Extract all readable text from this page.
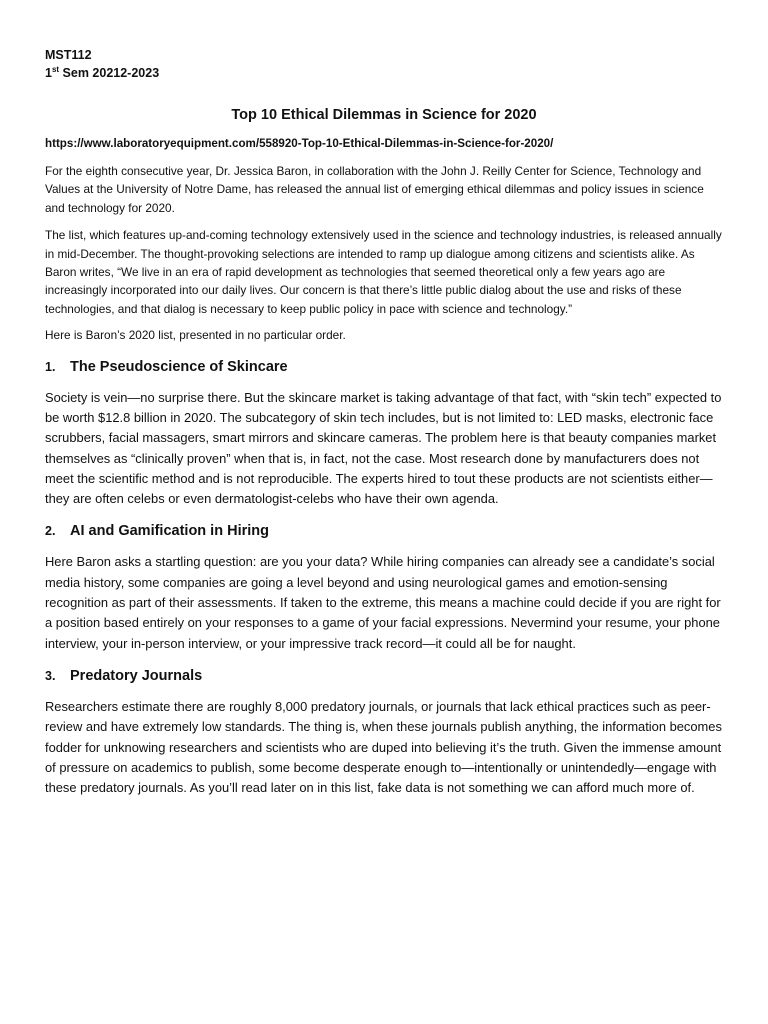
MST112
1st Sem 20212-2023
Top 10 Ethical Dilemmas in Science for 2020
https://www.laboratoryequipment.com/558920-Top-10-Ethical-Dilemmas-in-Science-for-2020/
For the eighth consecutive year, Dr. Jessica Baron, in collaboration with the John J. Reilly Center for Science, Technology and Values at the University of Notre Dame, has released the annual list of emerging ethical dilemmas and policy issues in science and technology for 2020.
The list, which features up-and-coming technology extensively used in the science and technology industries, is released annually in mid-December. The thought-provoking selections are intended to ramp up dialogue among citizens and scientists alike. As Baron writes, “We live in an era of rapid development as technologies that seemed theoretical only a few years ago are increasingly incorporated into our daily lives. Our concern is that there’s little public dialog about the use and risks of these technologies, and that dialog is necessary to keep public policy in pace with science and technology.”
Here is Baron’s 2020 list, presented in no particular order.
1.	The Pseudoscience of Skincare
Society is vein—no surprise there. But the skincare market is taking advantage of that fact, with “skin tech” expected to be worth $12.8 billion in 2020. The subcategory of skin tech includes, but is not limited to: LED masks, electronic face scrubbers, facial massagers, smart mirrors and skincare cameras. The problem here is that beauty companies market themselves as “clinically proven” when that is, in fact, not the case. Most research done by manufacturers does not meet the scientific method and is not reproducible. The experts hired to tout these products are not scientists either—they are often celebs or even dermatologist-celebs who have their own agenda.
2.	AI and Gamification in Hiring
Here Baron asks a startling question: are you your data? While hiring companies can already see a candidate’s social media history, some companies are going a level beyond and using neurological games and emotion-sensing recognition as part of their assessments. If taken to the extreme, this means a machine could decide if you are right for a position based entirely on your responses to a game of your facial expressions. Nevermind your resume, your phone interview, your in-person interview, or your impressive track record—it could all be for naught.
3.	Predatory Journals
Researchers estimate there are roughly 8,000 predatory journals, or journals that lack ethical practices such as peer-review and have extremely low standards. The thing is, when these journals publish anything, the information becomes fodder for unknowing researchers and scientists who are duped into believing it’s the truth. Given the immense amount of pressure on academics to publish, some become desperate enough to—intentionally or unintendedly—engage with these predatory journals. As you’ll read later on in this list, fake data is not something we can afford much more of.
